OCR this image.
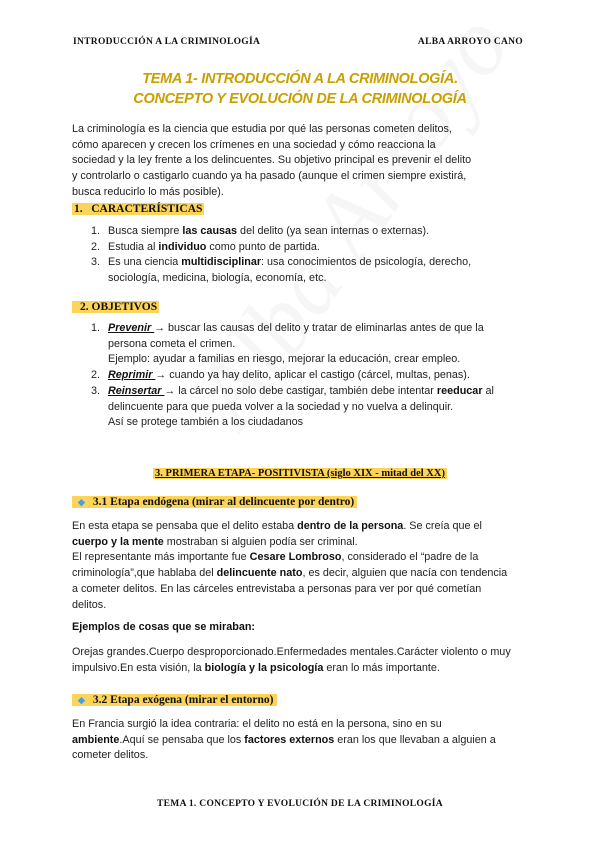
INTRODUCCIÓN A LA CRIMINOLOGÍA	ALBA ARROYO CANO
TEMA 1- INTRODUCCIÓN A LA CRIMINOLOGÍA.
CONCEPTO Y EVOLUCIÓN DE LA CRIMINOLOGÍA
La criminología es la ciencia que estudia por qué las personas cometen delitos, cómo aparecen y crecen los crímenes en una sociedad y cómo reacciona la sociedad y la ley frente a los delincuentes. Su objetivo principal es prevenir el delito y controlarlo o castigarlo cuando ya ha pasado (aunque el crimen siempre existirá, busca reducirlo lo más posible).
1.   CARACTERÍSTICAS
1. Busca siempre las causas del delito (ya sean internas o externas).
2. Estudia al individuo como punto de partida.
3. Es una ciencia multidisciplinar: usa conocimientos de psicología, derecho, sociología, medicina, biología, economía, etc.
2. OBJETIVOS
1. Prevenir → buscar las causas del delito y tratar de eliminarlas antes de que la persona cometa el crimen.
Ejemplo: ayudar a familias en riesgo, mejorar la educación, crear empleo.
2. Reprimir → cuando ya hay delito, aplicar el castigo (cárcel, multas, penas).
3. Reinsertar → la cárcel no solo debe castigar, también debe intentar reeducar al delincuente para que pueda volver a la sociedad y no vuelva a delinquir.
Así se protege también a los ciudadanos
3. PRIMERA ETAPA- POSITIVISTA (siglo XIX - mitad del XX)
◆ 3.1 Etapa endógena (mirar al delincuente por dentro)
En esta etapa se pensaba que el delito estaba dentro de la persona. Se creía que el cuerpo y la mente mostraban si alguien podía ser criminal.
El representante más importante fue Cesare Lombroso, considerado el “padre de la criminología”,que hablaba del delincuente nato, es decir, alguien que nacía con tendencia a cometer delitos. En las cárceles entrevistaba a personas para ver por qué cometían delitos.
Ejemplos de cosas que se miraban:
Orejas grandes.Cuerpo desproporcionado.Enfermedades mentales.Carácter violento o muy impulsivo.En esta visión, la biología y la psicología eran lo más importante.
◆ 3.2 Etapa exógena (mirar el entorno)
En Francia surgió la idea contraria: el delito no está en la persona, sino en su ambiente.Aquí se pensaba que los factores externos eran los que llevaban a alguien a cometer delitos.
TEMA 1. CONCEPTO Y EVOLUCIÓN DE LA CRIMINOLOGÍA
